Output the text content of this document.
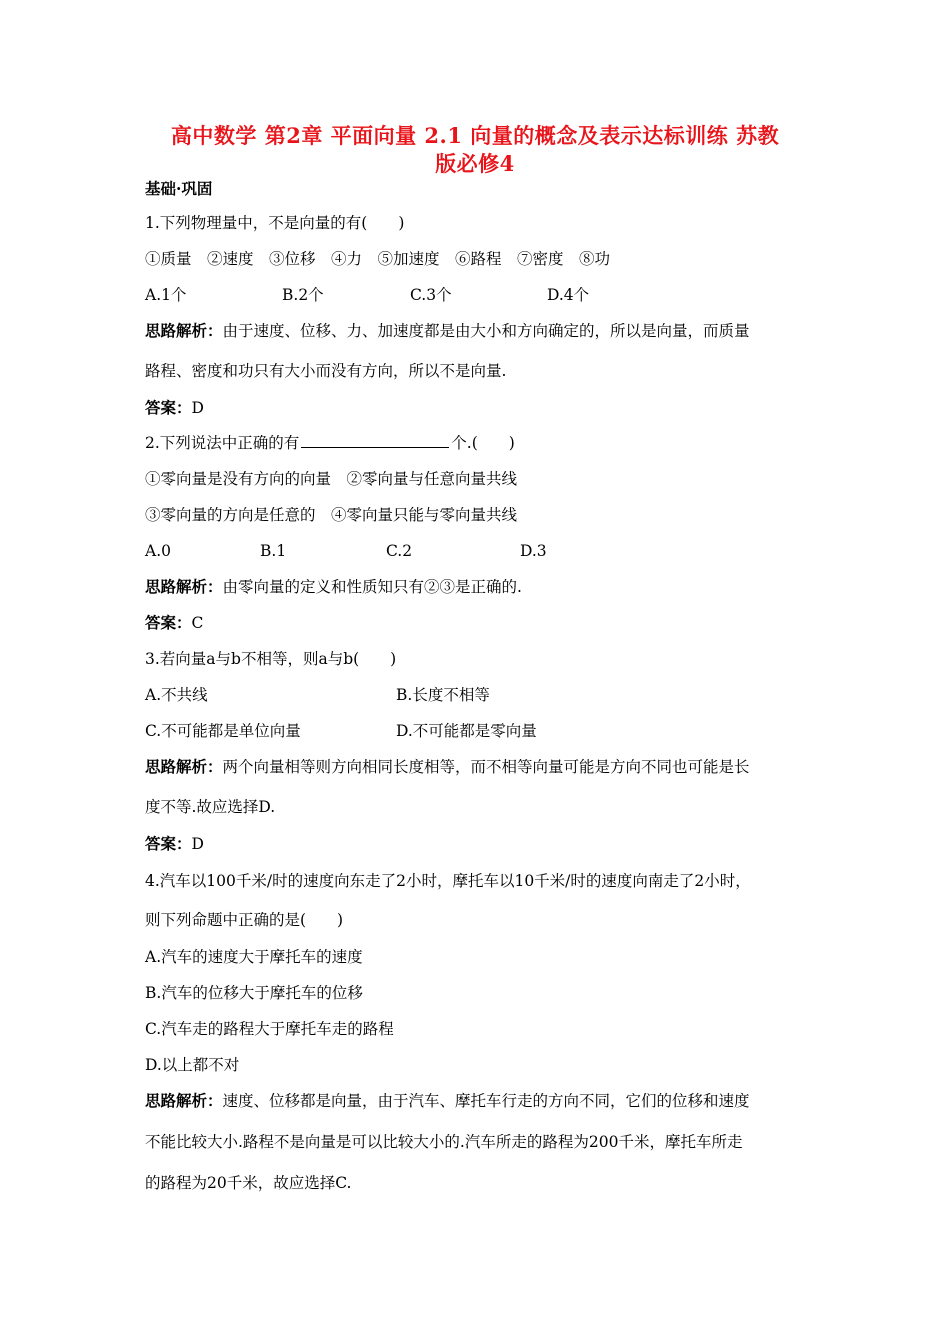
高中数学 第2章 平面向量 2.1 向量的概念及表示达标训练 苏教
版必修4
基础·巩固
1.下列物理量中，不是向量的有(　　)
①质量　②速度　③位移　④力　⑤加速度　⑥路程　⑦密度　⑧功
A.1个	B.2个	C.3个	D.4个
思路解析：由于速度、位移、力、加速度都是由大小和方向确定的，所以是向量，而质量
路程、密度和功只有大小而没有方向，所以不是向量.
答案：D
2.下列说法中正确的有	个.(　　)
①零向量是没有方向的向量　②零向量与任意向量共线
③零向量的方向是任意的　④零向量只能与零向量共线
A.0	B.1	C.2	D.3
思路解析：由零向量的定义和性质知只有②③是正确的.
答案：C
3.若向量a与b不相等，则a与b(　　)
A.不共线	B.长度不相等
C.不可能都是单位向量	D.不可能都是零向量
思路解析：两个向量相等则方向相同长度相等，而不相等向量可能是方向不同也可能是长
度不等.故应选择D.
答案：D
4.汽车以100千米/时的速度向东走了2小时，摩托车以10千米/时的速度向南走了2小时，
则下列命题中正确的是(　　)
A.汽车的速度大于摩托车的速度
B.汽车的位移大于摩托车的位移
C.汽车走的路程大于摩托车走的路程
D.以上都不对
思路解析：速度、位移都是向量，由于汽车、摩托车行走的方向不同，它们的位移和速度
不能比较大小.路程不是向量是可以比较大小的.汽车所走的路程为200千米，摩托车所走
的路程为20千米，故应选择C.
